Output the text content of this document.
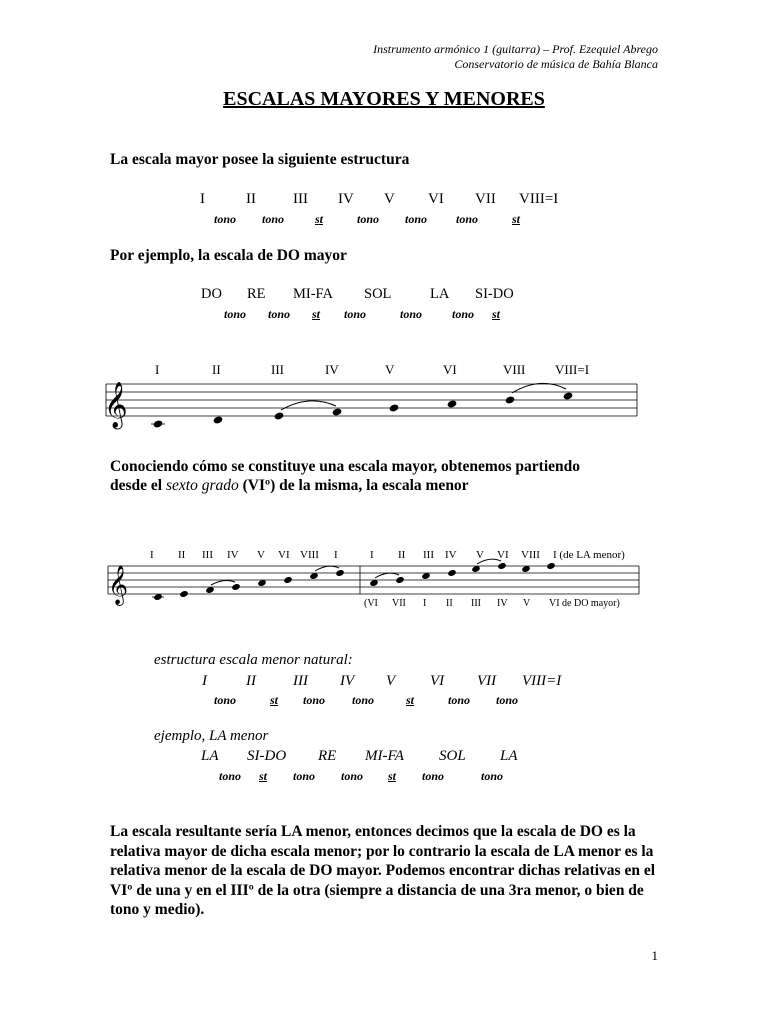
Instrumento armónico 1 (guitarra) – Prof. Ezequiel Abrego
Conservatorio de música de Bahía Blanca
ESCALAS MAYORES Y MENORES
La escala mayor posee la siguiente estructura
I	II III IV V VI VII VIII=I
tono tono	st	tono tono tono	st
Por ejemplo, la escala de DO mayor
DO RE MI-FA SOL	LA SI-DO
tono tono st tono	tono tono st
I	II	III	IV	V	VI	VIII VIII=I
𝄞
Conociendo cómo se constituye una escala mayor, obtenemos partiendo
desde el sexto grado (VIº) de la misma, la escala menor
I II III IV V VI VIII I	I II III IV V VI VIII I (de LA menor)
𝄞	(VI VII I II III IV V VI de DO mayor)
estructura escala menor natural:
I	II III IV V VI VII VIII=I
tono	st tono tono	st	tono tono
ejemplo, LA menor
LA SI-DO RE MI-FA SOL LA
tono st tono tono st tono	tono
La escala resultante sería LA menor, entonces decimos que la escala de DO es la relativa mayor de dicha escala menor; por lo contrario la escala de LA menor es la relativa menor de la escala de DO mayor. Podemos encontrar dichas relativas en el VIº de una y en el IIIº de la otra (siempre a distancia de una 3ra menor, o bien de tono y medio).
1
